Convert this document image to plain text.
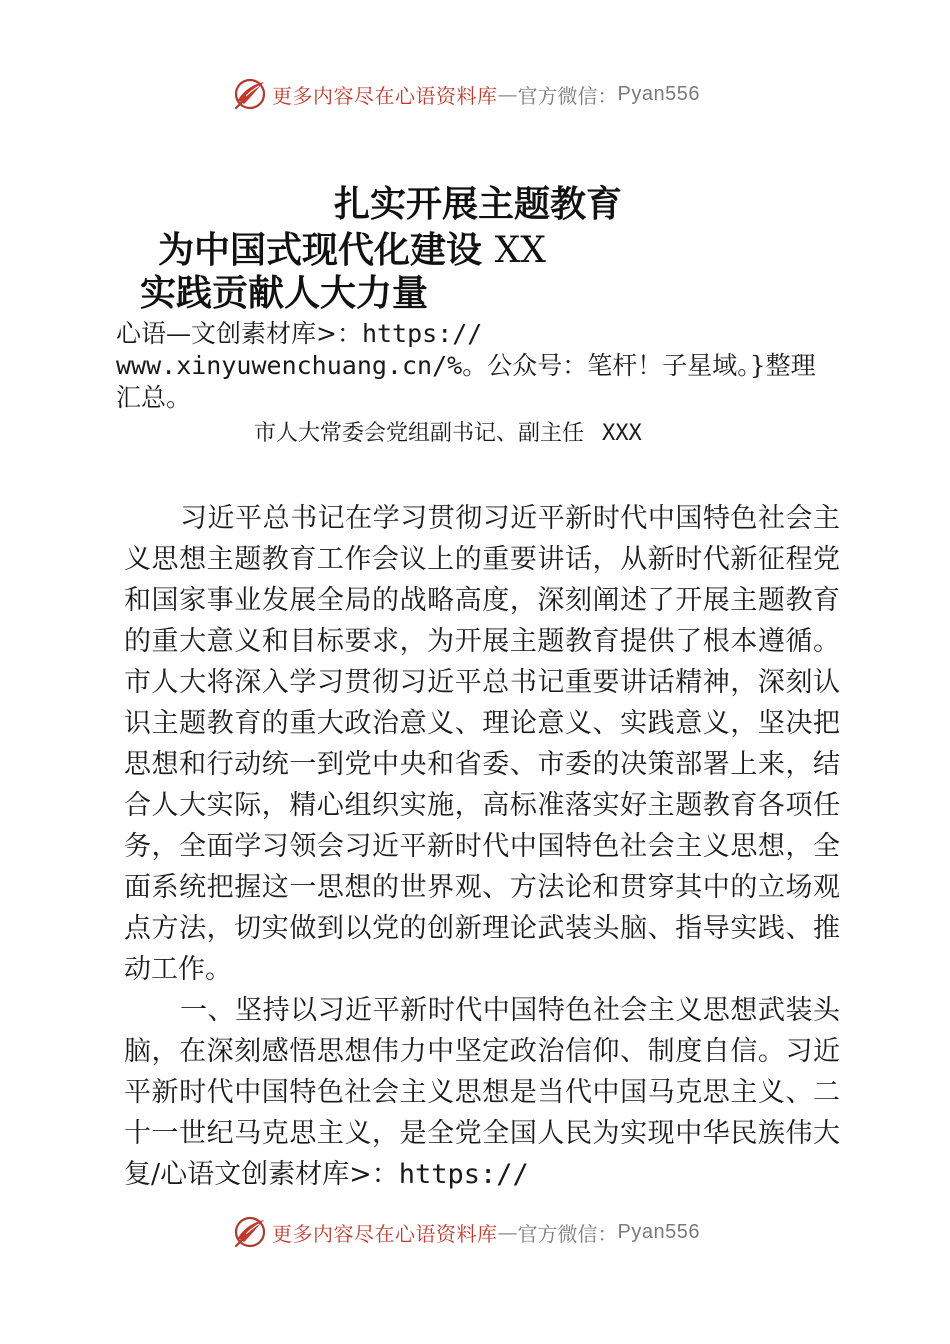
更多内容尽在心语资料库 — 官方微信： Pyan556
扎实开展主题教育
为中国式现代化建设 XX
实践贡献人大力量
心语—文创素材库>：https:// www.xinyuwenchuang.cn/%。公众号：笔杆！子星域。}整理汇总。
市人大常委会党组副书记、副主任 XXX

习近平总书记在学习贯彻习近平新时代中国特色社会主义思想主题教育工作会议上的重要讲话，从新时代新征程党和国家事业发展全局的战略高度，深刻阐述了开展主题教育的重大意义和目标要求，为开展主题教育提供了根本遵循。市人大将深入学习贯彻习近平总书记重要讲话精神，深刻认识主题教育的重大政治意义、理论意义、实践意义，坚决把思想和行动统一到党中央和省委、市委的决策部署上来，结合人大实际，精心组织实施，高标准落实好主题教育各项任务，全面学习领会习近平新时代中国特色社会主义思想，全面系统把握这一思想的世界观、方法论和贯穿其中的立场观点方法，切实做到以党的创新理论武装头脑、指导实践、推动工作。

一、坚持以习近平新时代中国特色社会主义思想武装头脑，在深刻感悟思想伟力中坚定政治信仰、制度自信。习近平新时代中国特色社会主义思想是当代中国马克思主义、二十一世纪马克思主义，是全党全国人民为实现中华民族伟大复/心语文创素材库>：https://

更多内容尽在心语资料库 — 官方微信： Pyan556
